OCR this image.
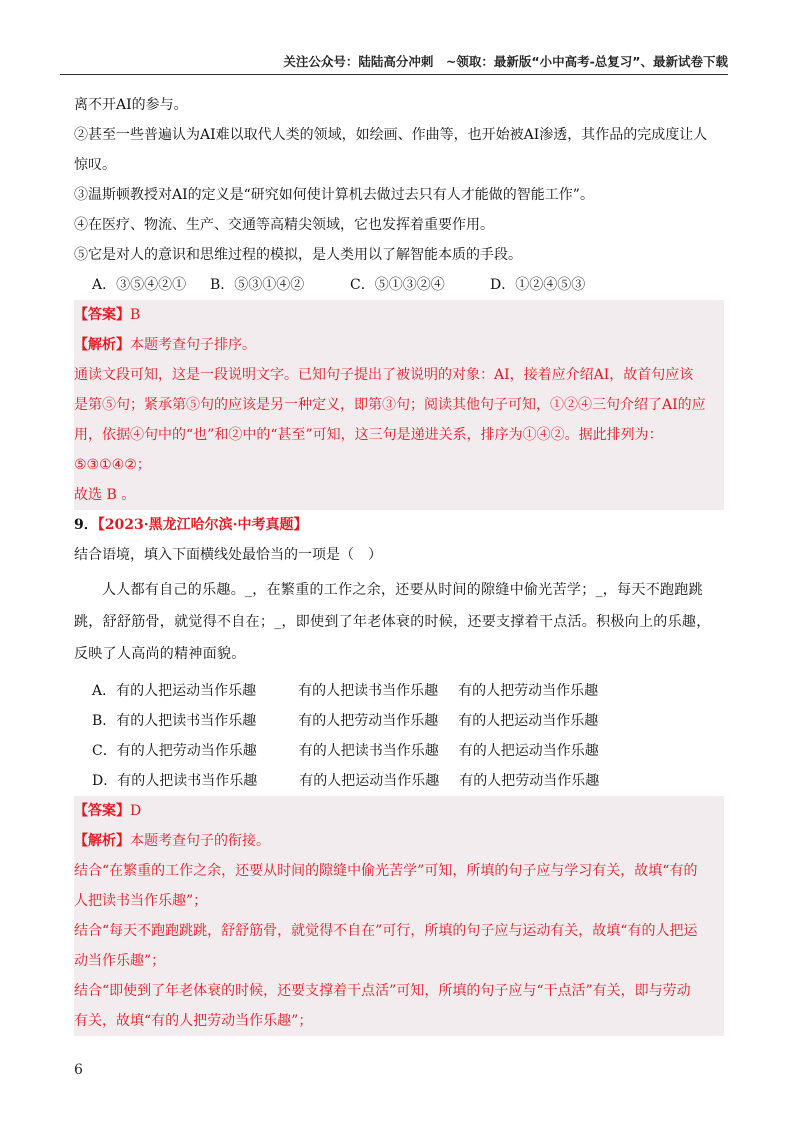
关注公众号：陆陆高分冲刺　~领取：最新版“小中高考-总复习”、最新试卷下载
离不开AI的参与。
②甚至一些普遍认为AI难以取代人类的领域，如绘画、作曲等，也开始被AI渗透，其作品的完成度让人
惊叹。
③温斯顿教授对AI的定义是“研究如何使计算机去做过去只有人才能做的智能工作”。
④在医疗、物流、生产、交通等高精尖领域，它也发挥着重要作用。
⑤它是对人的意识和思维过程的模拟，是人类用以了解智能本质的手段。
A．③⑤④②① B．⑤③①④②	C．⑤①③②④	D．①②④⑤③
【答案】B
【解析】本题考查句子排序。
通读文段可知，这是一段说明文字。已知句子提出了被说明的对象：AI，接着应介绍AI，故首句应该
是第⑤句；紧承第⑤句的应该是另一种定义，即第③句；阅读其他句子可知，①②④三句介绍了AI的应
用，依据④句中的“也”和②中的“甚至”可知，这三句是递进关系，排序为①④②。据此排列为：
⑤③①④②；
故选 B 。
9．【2023·黑龙江哈尔滨·中考真题】
结合语境，填入下面横线处最恰当的一项是（　）
人人都有自己的乐趣。_，在繁重的工作之余，还要从时间的隙缝中偷光苦学；_，每天不跑跑跳跳，舒舒筋骨，就觉得不自在；_，即使到了年老体衰的时候，还要支撑着干点活。积极向上的乐趣，反映了人高尚的精神面貌。
A．有的人把运动当作乐趣	有的人把读书当作乐趣 有的人把劳动当作乐趣
B．有的人把读书当作乐趣	有的人把劳动当作乐趣 有的人把运动当作乐趣
C．有的人把劳动当作乐趣	有的人把读书当作乐趣 有的人把运动当作乐趣
D．有的人把读书当作乐趣	有的人把运动当作乐趣 有的人把劳动当作乐趣
【答案】D
【解析】本题考查句子的衔接。
结合“在繁重的工作之余，还要从时间的隙缝中偷光苦学”可知，所填的句子应与学习有关，故填“有的
人把读书当作乐趣”；
结合“每天不跑跑跳跳，舒舒筋骨，就觉得不自在”可行，所填的句子应与运动有关，故填“有的人把运
动当作乐趣”；
结合“即使到了年老体衰的时候，还要支撑着干点活”可知，所填的句子应与“干点活”有关，即与劳动
有关，故填“有的人把劳动当作乐趣”；
6
